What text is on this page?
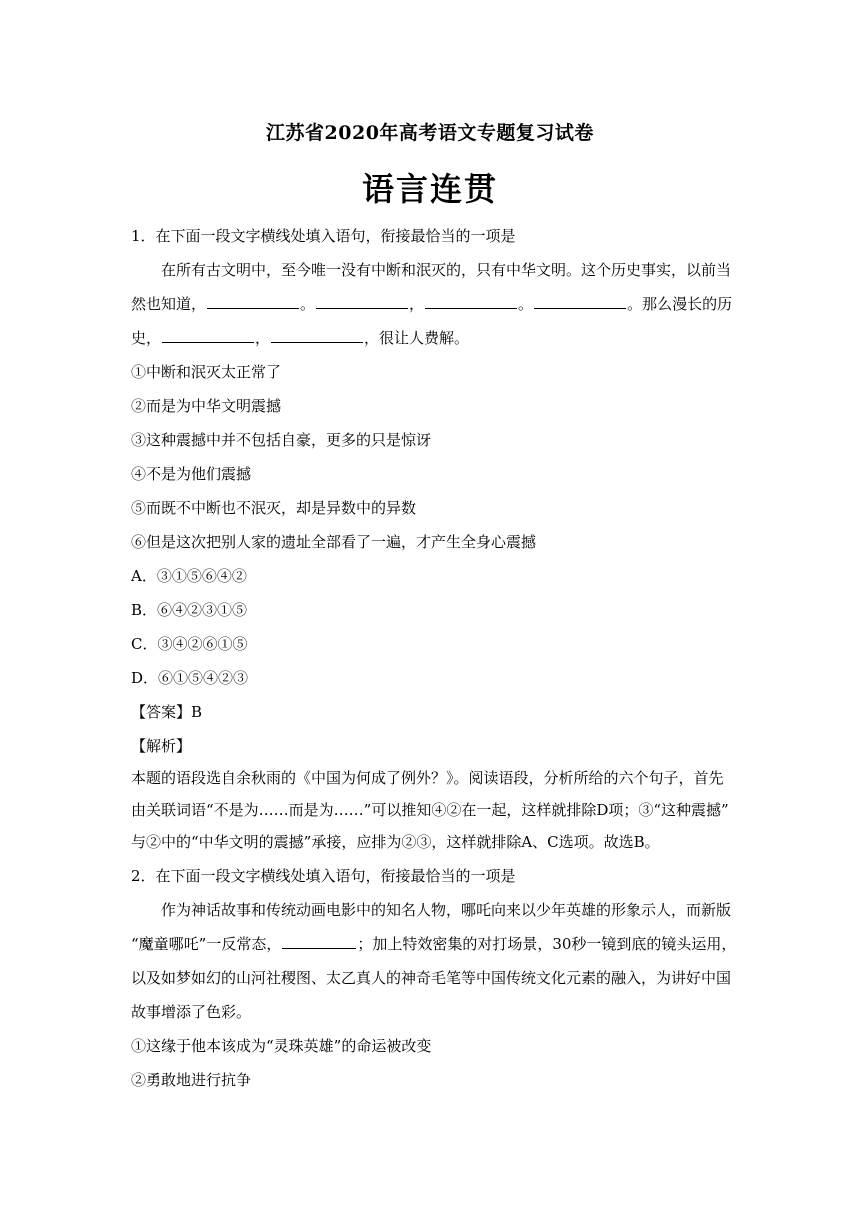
江苏省2020年高考语文专题复习试卷
语言连贯
1．在下面一段文字横线处填入语句，衔接最恰当的一项是
在所有古文明中，至今唯一没有中断和泯灭的，只有中华文明。这个历史事实，以前当
然也知道，	。	，	。	。那么漫长的历
史，	，	，很让人费解。
①中断和泯灭太正常了
②而是为中华文明震撼
③这种震撼中并不包括自豪，更多的只是惊讶
④不是为他们震撼
⑤而既不中断也不泯灭，却是异数中的异数
⑥但是这次把别人家的遗址全部看了一遍，才产生全身心震撼
A．③①⑤⑥④②
B．⑥④②③①⑤
C．③④②⑥①⑤
D．⑥①⑤④②③
【答案】B
【解析】
本题的语段选自余秋雨的《中国为何成了例外？》。阅读语段，分析所给的六个句子，首先
由关联词语“不是为……而是为……”可以推知④②在一起，这样就排除D项；③“这种震撼”
与②中的“中华文明的震撼”承接，应排为②③，这样就排除A、C选项。故选B。
2．在下面一段文字横线处填入语句，衔接最恰当的一项是
作为神话故事和传统动画电影中的知名人物，哪吒向来以少年英雄的形象示人，而新版
“魔童哪吒”一反常态，	；加上特效密集的对打场景，30秒一镜到底的镜头运用，
以及如梦如幻的山河社稷图、太乙真人的神奇毛笔等中国传统文化元素的融入，为讲好中国
故事增添了色彩。
①这缘于他本该成为“灵珠英雄”的命运被改变
②勇敢地进行抗争
